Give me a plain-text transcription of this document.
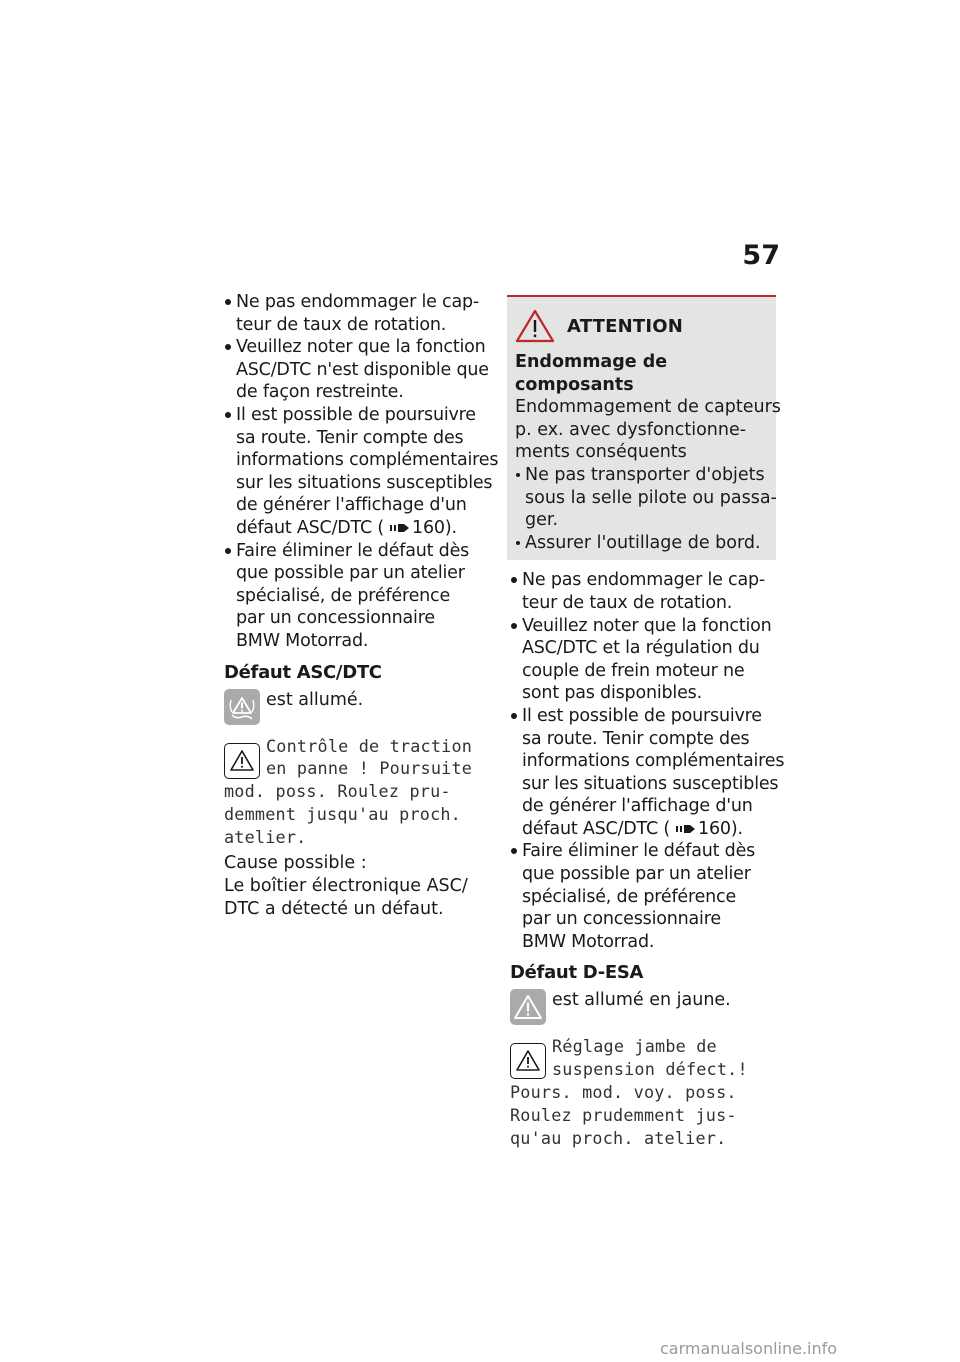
57
Ne pas endommager le cap-
teur de taux de rotation.
Veuillez noter que la fonction
ASC/DTC n'est disponible que
de façon restreinte.
Il est possible de poursuivre
sa route. Tenir compte des
informations complémentaires
sur les situations susceptibles
de générer l'affichage d'un
défaut ASC/DTC ( 160).
Faire éliminer le défaut dès
que possible par un atelier
spécialisé, de préférence
par un concessionnaire
BMW Motorrad.
Défaut ASC/DTC
est allumé.
Contrôle de traction
en panne ! Poursuite
mod. poss. Roulez pru-
demment jusqu'au proch.
atelier.
Cause possible :
Le boîtier électronique ASC/
DTC a détecté un défaut.
ATTENTION
Endommage de composants
Endommagement de capteurs
p. ex. avec dysfonctionne-
ments conséquents
Ne pas transporter d'objets
sous la selle pilote ou passa-
ger.
Assurer l'outillage de bord.
Ne pas endommager le cap-
teur de taux de rotation.
Veuillez noter que la fonction
ASC/DTC et la régulation du
couple de frein moteur ne
sont pas disponibles.
Il est possible de poursuivre
sa route. Tenir compte des
informations complémentaires
sur les situations susceptibles
de générer l'affichage d'un
défaut ASC/DTC ( 160).
Faire éliminer le défaut dès
que possible par un atelier
spécialisé, de préférence
par un concessionnaire
BMW Motorrad.
Défaut D-ESA
est allumé en jaune.
Réglage jambe de
suspension défect.!
Pours. mod. voy. poss.
Roulez prudemment jus-
qu'au proch. atelier.
carmanualsonline.info
